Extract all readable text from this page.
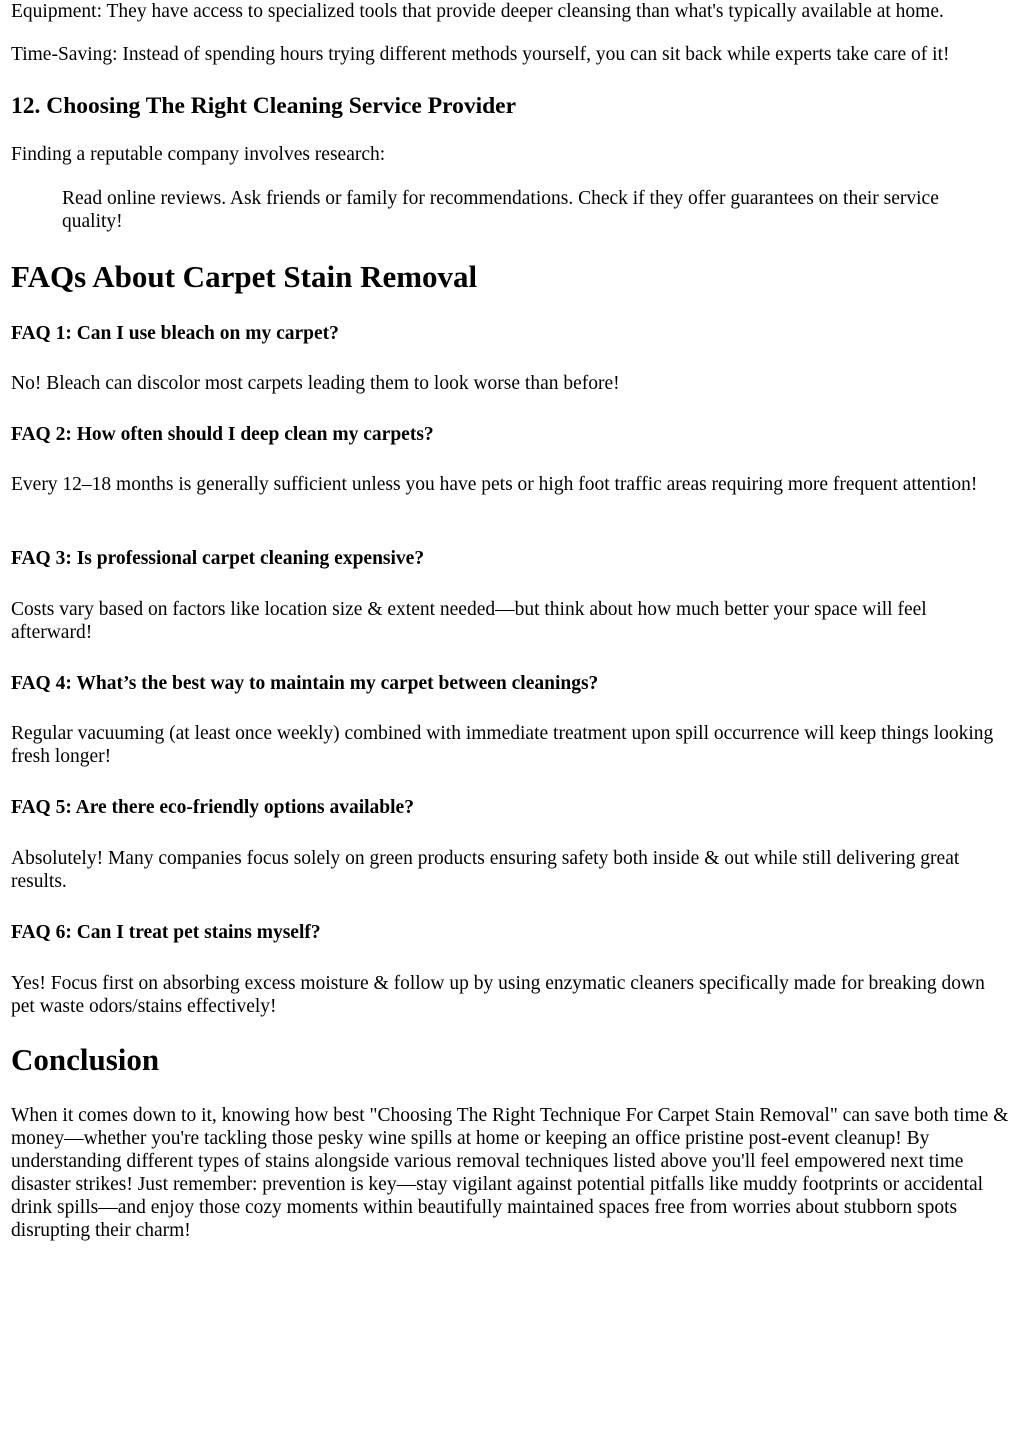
Equipment: They have access to specialized tools that provide deeper cleansing than what's typically available at home.

Time-Saving: Instead of spending hours trying different methods yourself, you can sit back while experts take care of it!

12. Choosing The Right Cleaning Service Provider

Finding a reputable company involves research:

Read online reviews. Ask friends or family for recommendations. Check if they offer guarantees on their service quality!
FAQs About Carpet Stain Removal
FAQ 1: Can I use bleach on my carpet?

No! Bleach can discolor most carpets leading them to look worse than before!

FAQ 2: How often should I deep clean my carpets?

Every 12–18 months is generally sufficient unless you have pets or high foot traffic areas requiring more frequent attention!

FAQ 3: Is professional carpet cleaning expensive?

Costs vary based on factors like location size & extent needed—but think about how much better your space will feel afterward!

FAQ 4: What’s the best way to maintain my carpet between cleanings?

Regular vacuuming (at least once weekly) combined with immediate treatment upon spill occurrence will keep things looking fresh longer!

FAQ 5: Are there eco-friendly options available?

Absolutely! Many companies focus solely on green products ensuring safety both inside & out while still delivering great results.

FAQ 6: Can I treat pet stains myself?

Yes! Focus first on absorbing excess moisture & follow up by using enzymatic cleaners specifically made for breaking down pet waste odors/stains effectively!

Conclusion

When it comes down to it, knowing how best "Choosing The Right Technique For Carpet Stain Removal" can save both time & money—whether you're tackling those pesky wine spills at home or keeping an office pristine post-event cleanup! By understanding different types of stains alongside various removal techniques listed above you'll feel empowered next time disaster strikes! Just remember: prevention is key—stay vigilant against potential pitfalls like muddy footprints or accidental drink spills—and enjoy those cozy moments within beautifully maintained spaces free from worries about stubborn spots disrupting their charm!
